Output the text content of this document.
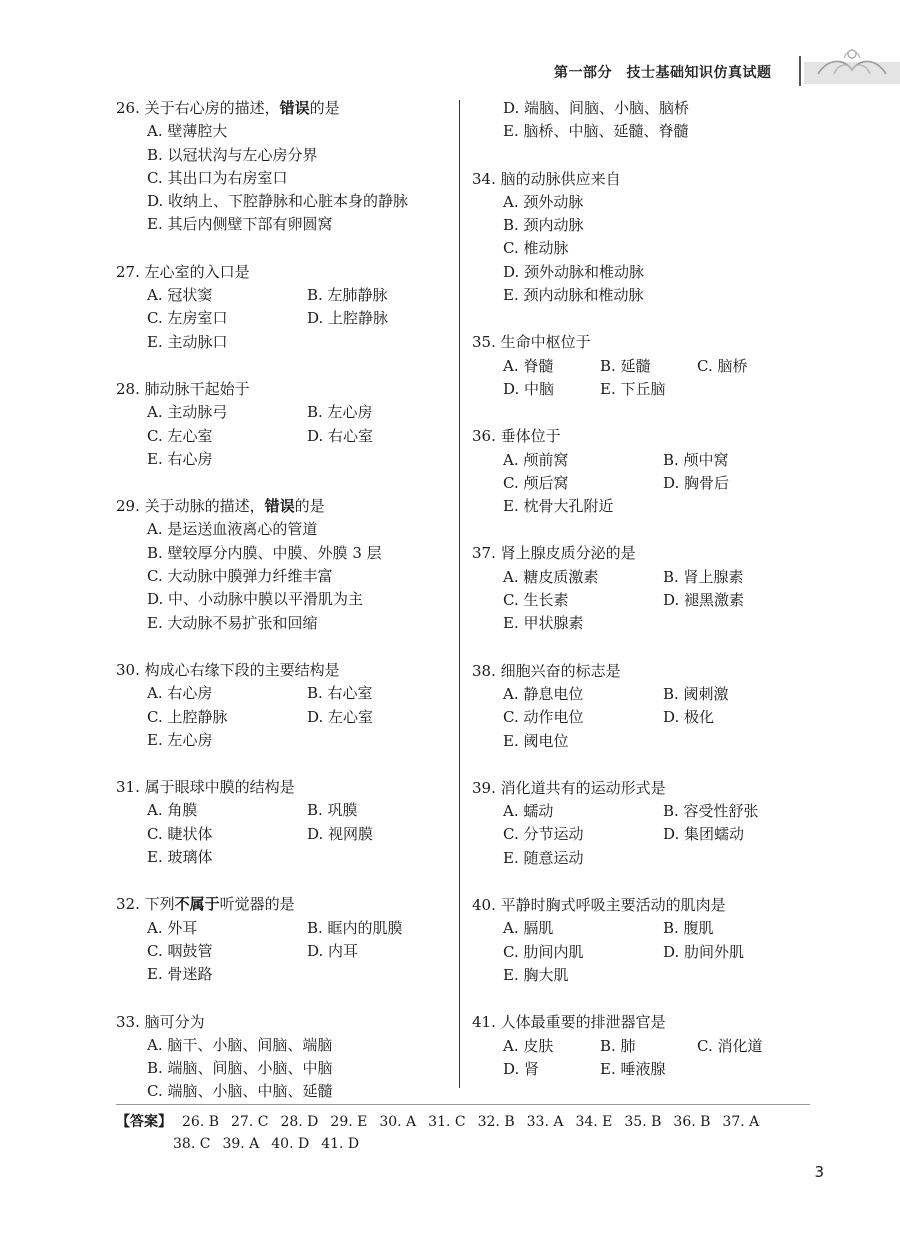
第一部分　技士基础知识仿真试题
26. 关于右心房的描述，错误的是
A. 壁薄腔大
B. 以冠状沟与左心房分界
C. 其出口为右房室口
D. 收纳上、下腔静脉和心脏本身的静脉
E. 其后内侧壁下部有卵圆窝
27. 左心室的入口是
A. 冠状窦	B. 左肺静脉
C. 左房室口	D. 上腔静脉
E. 主动脉口
28. 肺动脉干起始于
A. 主动脉弓	B. 左心房
C. 左心室	D. 右心室
E. 右心房
29. 关于动脉的描述，错误的是
A. 是运送血液离心的管道
B. 壁较厚分内膜、中膜、外膜 3 层
C. 大动脉中膜弹力纤维丰富
D. 中、小动脉中膜以平滑肌为主
E. 大动脉不易扩张和回缩
30. 构成心右缘下段的主要结构是
A. 右心房	B. 右心室
C. 上腔静脉	D. 左心室
E. 左心房
31. 属于眼球中膜的结构是
A. 角膜	B. 巩膜
C. 睫状体	D. 视网膜
E. 玻璃体
32. 下列不属于听觉器的是
A. 外耳	B. 眶内的肌膜
C. 咽鼓管	D. 内耳
E. 骨迷路
33. 脑可分为
A. 脑干、小脑、间脑、端脑
B. 端脑、间脑、小脑、中脑
C. 端脑、小脑、中脑、延髓
D. 端脑、间脑、小脑、脑桥
E. 脑桥、中脑、延髓、脊髓
34. 脑的动脉供应来自
A. 颈外动脉
B. 颈内动脉
C. 椎动脉
D. 颈外动脉和椎动脉
E. 颈内动脉和椎动脉
35. 生命中枢位于
A. 脊髓	B. 延髓	C. 脑桥
D. 中脑	E. 下丘脑
36. 垂体位于
A. 颅前窝	B. 颅中窝
C. 颅后窝	D. 胸骨后
E. 枕骨大孔附近
37. 肾上腺皮质分泌的是
A. 糖皮质激素	B. 肾上腺素
C. 生长素	D. 褪黑激素
E. 甲状腺素
38. 细胞兴奋的标志是
A. 静息电位	B. 阈刺激
C. 动作电位	D. 极化
E. 阈电位
39. 消化道共有的运动形式是
A. 蠕动	B. 容受性舒张
C. 分节运动	D. 集团蠕动
E. 随意运动
40. 平静时胸式呼吸主要活动的肌肉是
A. 膈肌	B. 腹肌
C. 肋间内肌	D. 肋间外肌
E. 胸大肌
41. 人体最重要的排泄器官是
A. 皮肤	B. 肺	C. 消化道
D. 肾	E. 唾液腺
【答案】 26. B 27. C 28. D 29. E 30. A 31. C 32. B 33. A 34. E 35. B 36. B 37. A
38. C 39. A 40. D 41. D
3
